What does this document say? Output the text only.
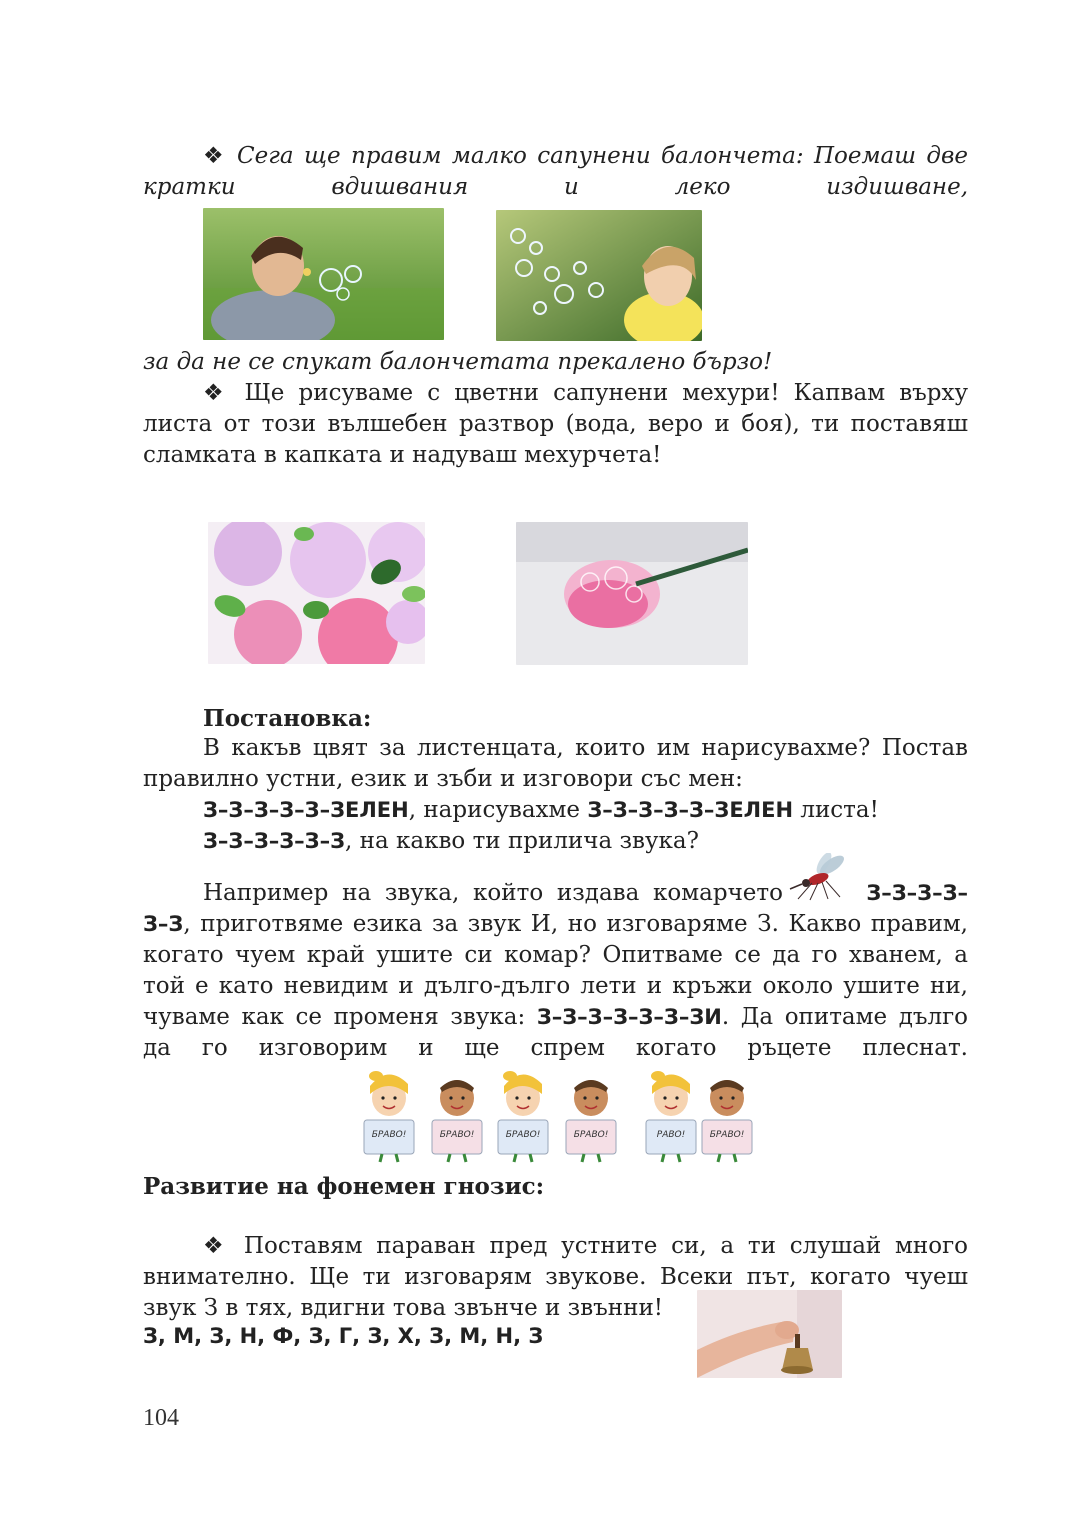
❖ Сега ще правим малко сапунени балончета: Поемаш две кратки вдишвания и леко издишване,

за да не се спукат балончетата прекалено бързо!

❖ Ще рисуваме с цветни сапунени мехури! Капвам върху листа от този вълшебен разтвор (вода, веро и боя), ти поставяш сламката в капката и надуваш мехурчета!

Постановка:

В какъв цвят за листенцата, които им нарисувахме? Постав правилно устни, език и зъби и изговори със мен:

З–З–З–З–З–ЗЕЛЕН, нарисувахме З–З–З–З–З–ЗЕЛЕН листа!

З–З–З–З–З–З, на какво ти прилича звука?

Например на звука, който издава комарчето	З–З–З–З–

З–З, приготвяме езика за звук И, но изговаряме З. Какво правим, когато чуем край ушите си комар? Опитваме се да го хванем, а той е като невидим и дълго-дълго лети и кръжи около ушите ни, чуваме как се променя звука: З–З–З–З–З–З–ЗИ. Да опитаме дълго да го изговорим и ще спрем когато ръцете плеснат.

БРАВО!	БРАВО!	БРАВО!	БРАВО!	РАВО!	БРАВО!

Развитие на фонемен гнозис:

❖ Поставям параван пред устните си, а ти слушай много внимателно. Ще ти изговарям звукове. Всеки път, когато чуеш

звук З в тях, вдигни това звънче и звънни!

З, М, З, Н, Ф, З, Г, З, Х, З, М, Н, З

104
